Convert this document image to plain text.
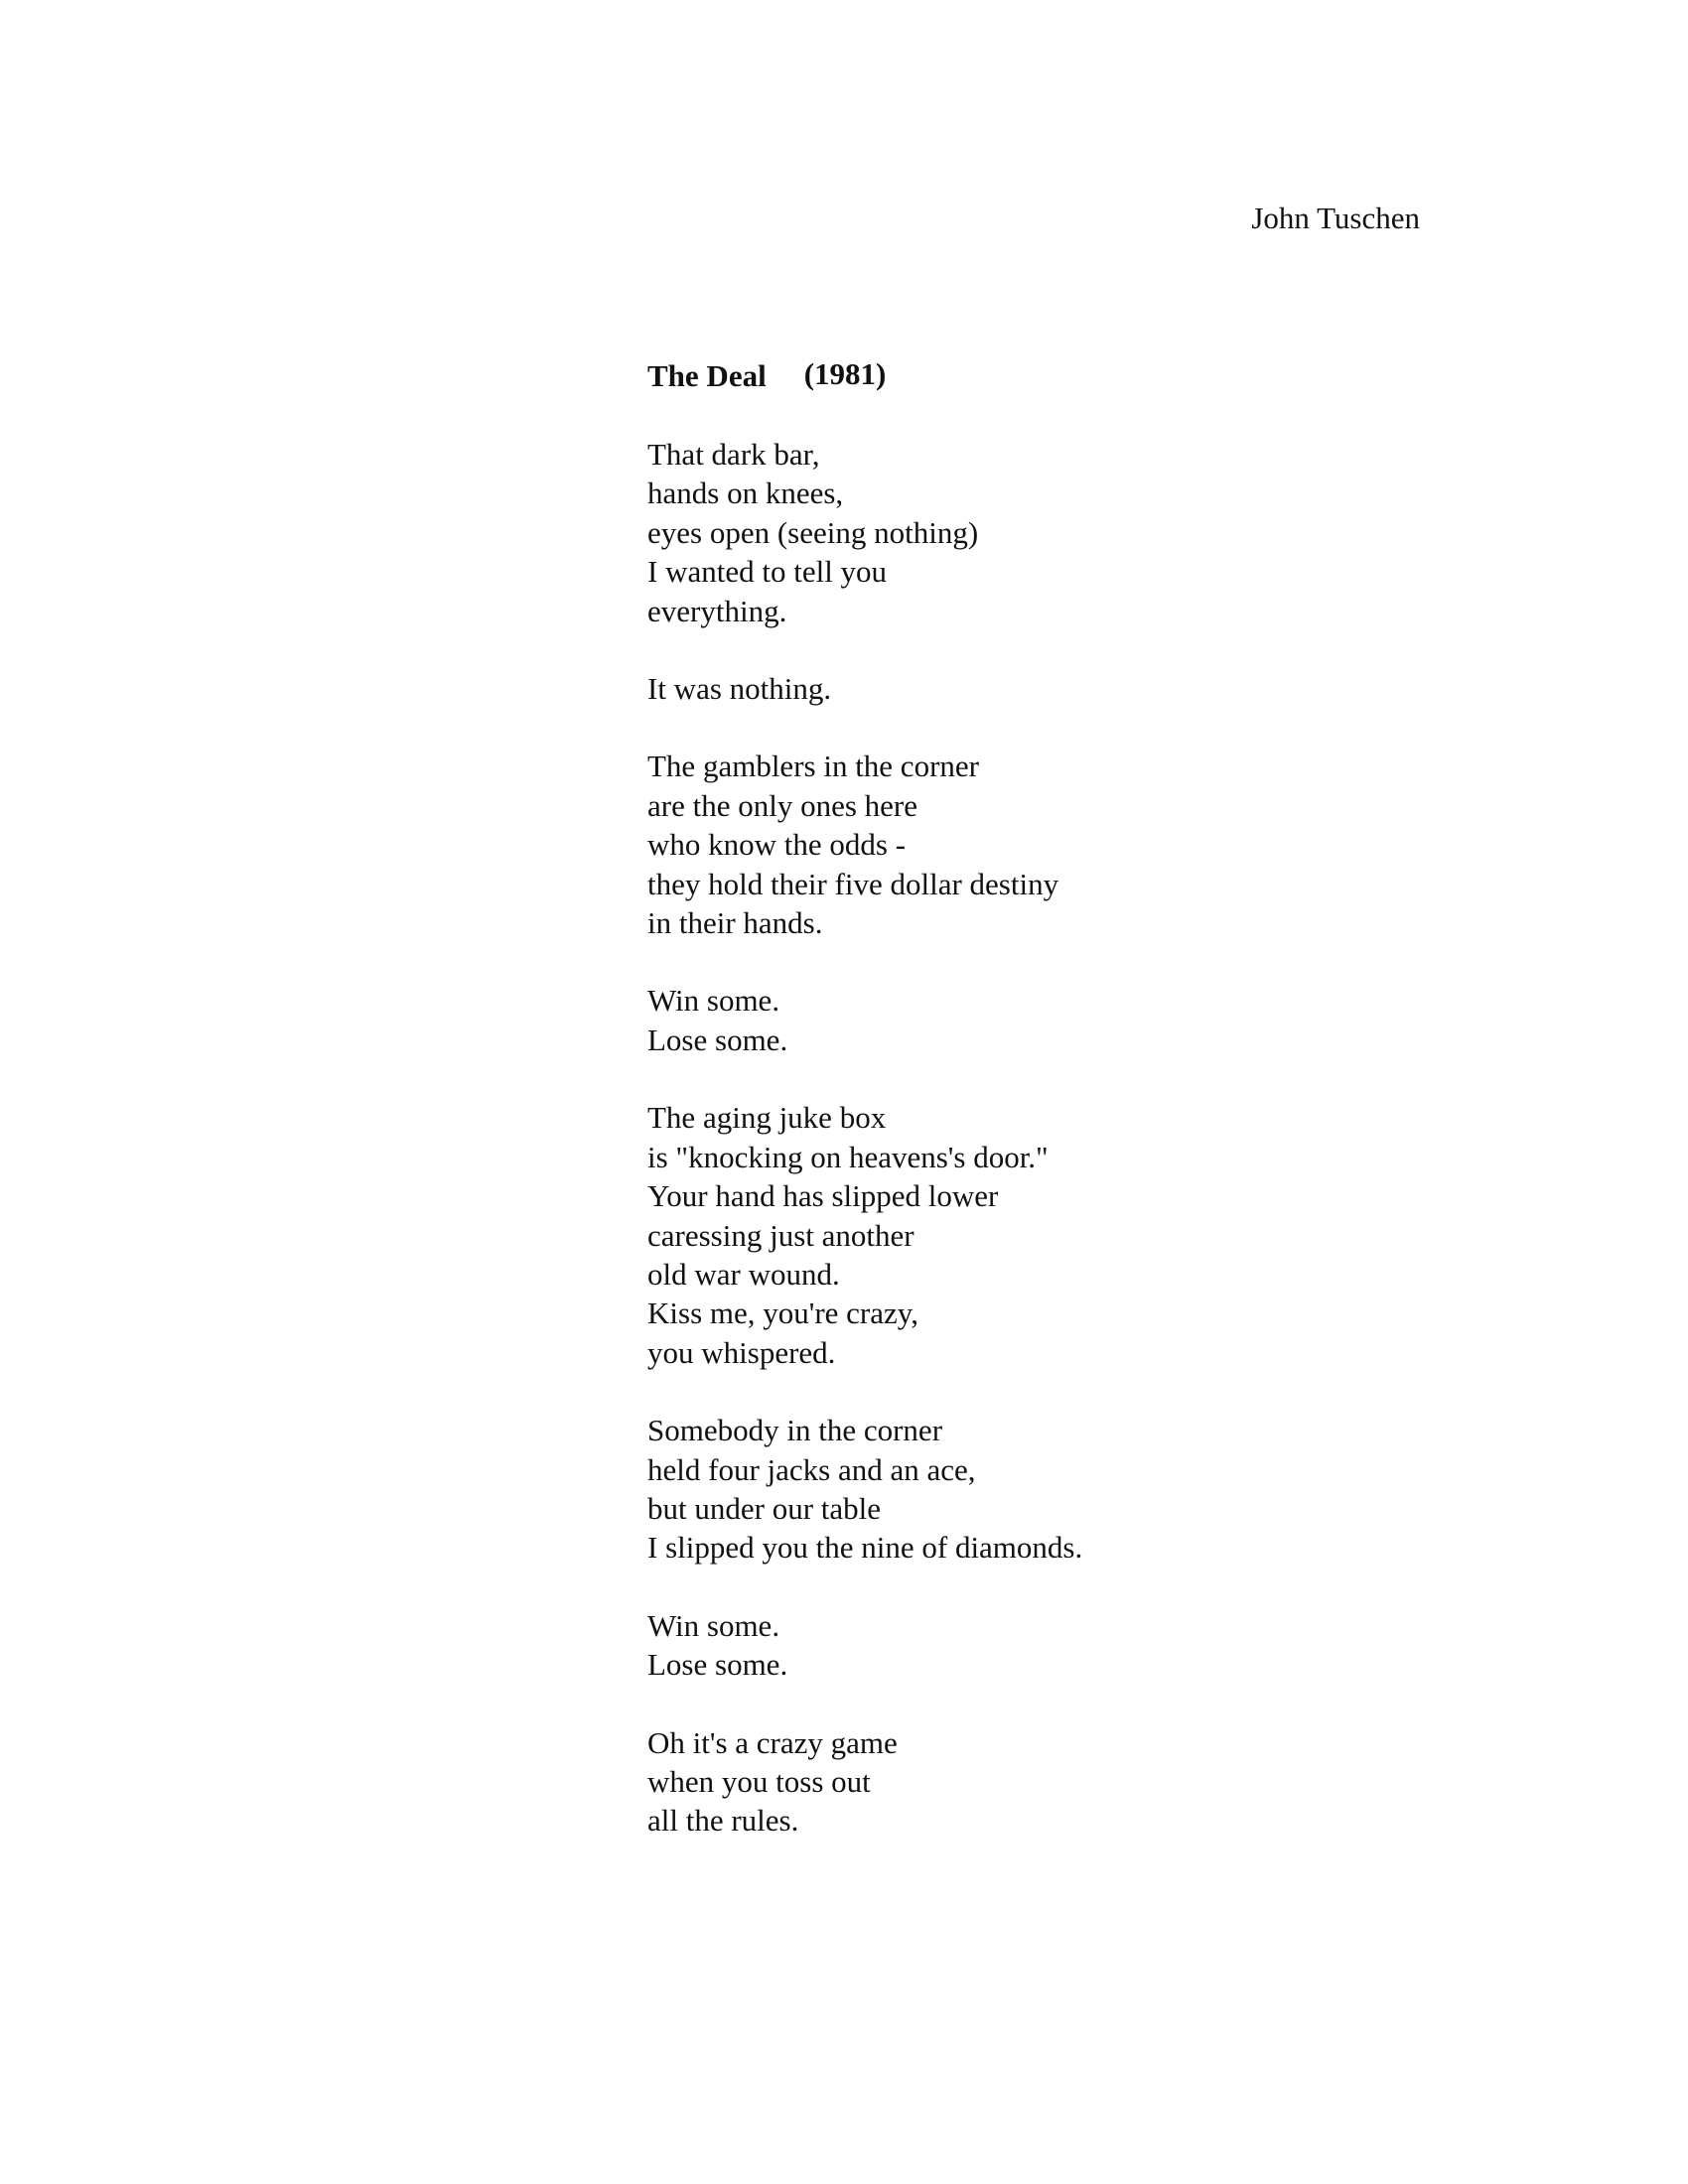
John Tuschen
The Deal (1981)
That dark bar,
hands on knees,
eyes open (seeing nothing)
I wanted to tell you
everything.
It was nothing.
The gamblers in the corner
are the only ones here
who know the odds -
they hold their five dollar destiny
in their hands.
Win some.
Lose some.
The aging juke box
is "knocking on heavens's door."
Your hand has slipped lower
caressing just another
old war wound.
Kiss me, you're crazy,
you whispered.
Somebody in the corner
held four jacks and an ace,
but under our table
I slipped you the nine of diamonds.
Win some.
Lose some.
Oh it's a crazy game
when you toss out
all the rules.
